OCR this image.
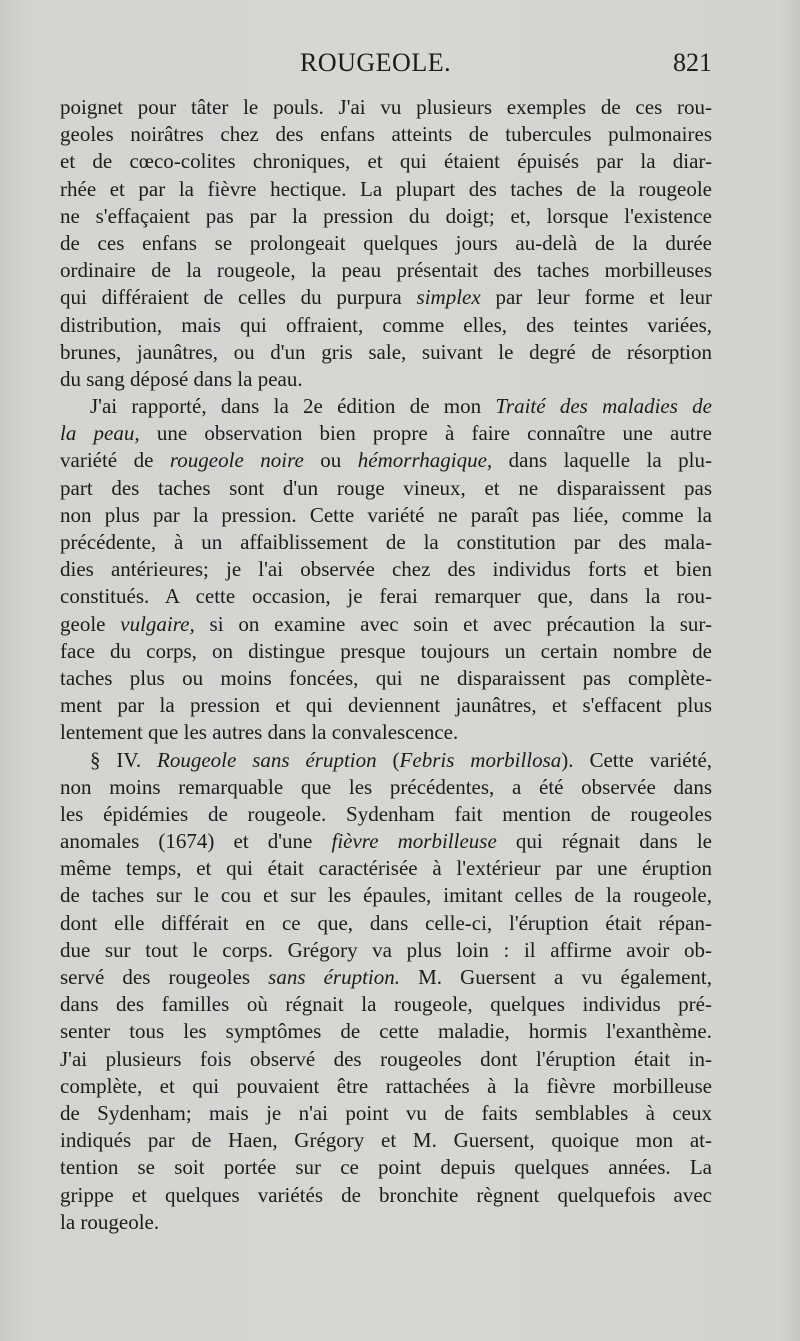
ROUGEOLE.	821
poignet pour tâter le pouls. J'ai vu plusieurs exemples de ces rou-
geoles noirâtres chez des enfans atteints de tubercules pulmonaires
et de cœco-colites chroniques, et qui étaient épuisés par la diar-
rhée et par la fièvre hectique. La plupart des taches de la rougeole
ne s'effaçaient pas par la pression du doigt; et, lorsque l'existence
de ces enfans se prolongeait quelques jours au-delà de la durée
ordinaire de la rougeole, la peau présentait des taches morbilleuses
qui différaient de celles du purpura simplex par leur forme et leur
distribution, mais qui offraient, comme elles, des teintes variées,
brunes, jaunâtres, ou d'un gris sale, suivant le degré de résorption
du sang déposé dans la peau.
J'ai rapporté, dans la 2e édition de mon Traité des maladies de
la peau, une observation bien propre à faire connaître une autre
variété de rougeole noire ou hémorrhagique, dans laquelle la plu-
part des taches sont d'un rouge vineux, et ne disparaissent pas
non plus par la pression. Cette variété ne paraît pas liée, comme la
précédente, à un affaiblissement de la constitution par des mala-
dies antérieures; je l'ai observée chez des individus forts et bien
constitués. A cette occasion, je ferai remarquer que, dans la rou-
geole vulgaire, si on examine avec soin et avec précaution la sur-
face du corps, on distingue presque toujours un certain nombre de
taches plus ou moins foncées, qui ne disparaissent pas complète-
ment par la pression et qui deviennent jaunâtres, et s'effacent plus
lentement que les autres dans la convalescence.
§ IV. Rougeole sans éruption (Febris morbillosa). Cette variété,
non moins remarquable que les précédentes, a été observée dans
les épidémies de rougeole. Sydenham fait mention de rougeoles
anomales (1674) et d'une fièvre morbilleuse qui régnait dans le
même temps, et qui était caractérisée à l'extérieur par une éruption
de taches sur le cou et sur les épaules, imitant celles de la rougeole,
dont elle différait en ce que, dans celle-ci, l'éruption était répan-
due sur tout le corps. Grégory va plus loin : il affirme avoir ob-
servé des rougeoles sans éruption. M. Guersent a vu également,
dans des familles où régnait la rougeole, quelques individus pré-
senter tous les symptômes de cette maladie, hormis l'exanthème.
J'ai plusieurs fois observé des rougeoles dont l'éruption était in-
complète, et qui pouvaient être rattachées à la fièvre morbilleuse
de Sydenham; mais je n'ai point vu de faits semblables à ceux
indiqués par de Haen, Grégory et M. Guersent, quoique mon at-
tention se soit portée sur ce point depuis quelques années. La
grippe et quelques variétés de bronchite règnent quelquefois avec
la rougeole.
